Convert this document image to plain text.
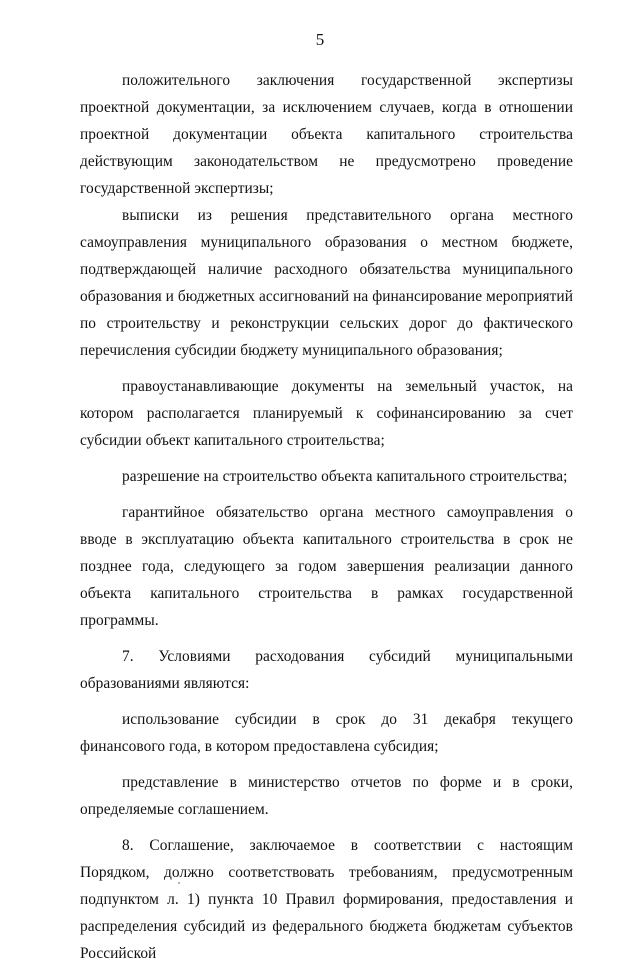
5

положительного заключения государственной экспертизы проектной документации, за исключением случаев, когда в отношении проектной документации объекта капитального строительства действующим законодательством не предусмотрено проведение государственной экспертизы;

выписки из решения представительного органа местного самоуправления муниципального образования о местном бюджете, подтверждающей наличие расходного обязательства муниципального образования и бюджетных ассигнований на финансирование мероприятий по строительству и реконструкции сельских дорог до фактического перечисления субсидии бюджету муниципального образования;

правоустанавливающие документы на земельный участок, на котором располагается планируемый к софинансированию за счет субсидии объект капитального строительства;

разрешение на строительство объекта капитального строительства;

гарантийное обязательство органа местного самоуправления о вводе в эксплуатацию объекта капитального строительства в срок не позднее года, следующего за годом завершения реализации данного объекта капитального строительства в рамках государственной программы.

7. Условиями расходования субсидий муниципальными образованиями являются:

использование субсидии в срок до 31 декабря текущего финансового года, в котором предоставлена субсидия;

представление в министерство отчетов по форме и в сроки, определяемые соглашением.

8. Соглашение, заключаемое в соответствии с настоящим Порядком, должно соответствовать требованиям, предусмотренным подпунктом л. 1) пункта 10 Правил формирования, предоставления и распределения субсидий из федерального бюджета бюджетам субъектов Российской
